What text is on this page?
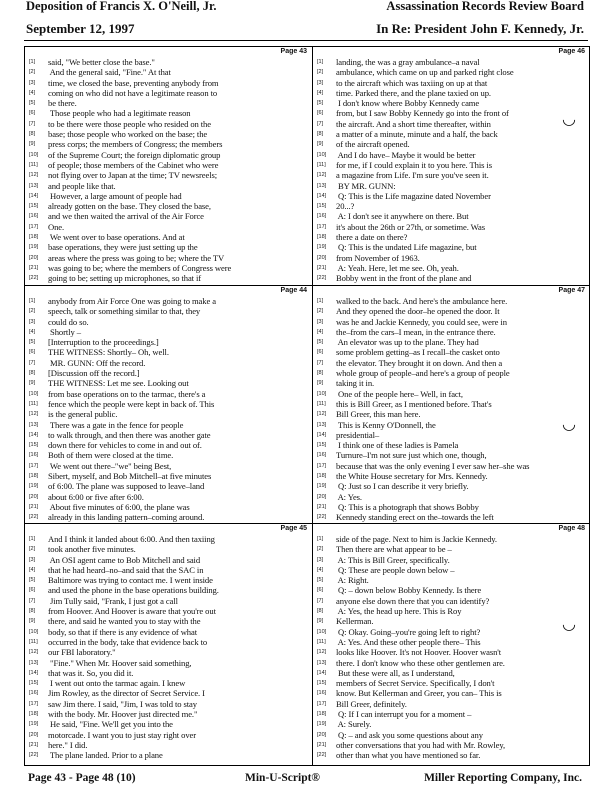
Deposition of Francis X. O'Neill, Jr.
September 12, 1997
Assassination Records Review Board
In Re: President John F. Kennedy, Jr.
Page 43
[1] said, "We better close the base."
[2] And the general said, "Fine." At that
[3] time, we closed the base, preventing anybody from
[4] coming on who did not have a legitimate reason to
[5] be there.
[6] Those people who had a legitimate reason
[7] to be there were those people who resided on the
[8] base; those people who worked on the base; the
[9] press corps; the members of Congress; the members
[10] of the Supreme Court; the foreign diplomatic group
[11] of people; those members of the Cabinet who were
[12] not flying over to Japan at the time; TV newsreels;
[13] and people like that.
[14] However, a large amount of people had
[15] already gotten on the base. They closed the base,
[16] and we then waited the arrival of the Air Force
[17] One.
[18] We went over to base operations. And at
[19] base operations, they were just setting up the
[20] areas where the press was going to be; where the TV
[21] was going to be; where the members of Congress were
[22] going to be; setting up microphones, so that if
Page 46
[1] landing, the was a gray ambulance–a naval
[2] ambulance, which came on up and parked right close
[3] to the aircraft which was taxiing on up at that
[4] time. Parked there, and the plane taxied on up.
[5] I don't know where Bobby Kennedy came
[6] from, but I saw Bobby Kennedy go into the front of
[7] the aircraft. And a short time thereafter, within
[8] a matter of a minute, minute and a half, the back
[9] of the aircraft opened.
[10] And I do have– Maybe it would be better
[11] for me, if I could explain it to you here. This is
[12] a magazine from Life. I'm sure you've seen it.
[13] BY MR. GUNN:
[14] Q: This is the Life magazine dated November
[15] 20...?
[16] A: I don't see it anywhere on there. But
[17] it's about the 26th or 27th, or sometime. Was
[18] there a date on there?
[19] Q: This is the undated Life magazine, but
[20] from November of 1963.
[21] A: Yeah. Here, let me see. Oh, yeah.
[22] Bobby went in the front of the plane and
◡
Page 44
[1] anybody from Air Force One was going to make a
[2] speech, talk or something similar to that, they
[3] could do so.
[4] Shortly –
[5] [Interruption to the proceedings.]
[6] THE WITNESS: Shortly– Oh, well.
[7] MR. GUNN: Off the record.
[8] [Discussion off the record.]
[9] THE WITNESS: Let me see. Looking out
[10] from base operations on to the tarmac, there's a
[11] fence which the people were kept in back of. This
[12] is the general public.
[13] There was a gate in the fence for people
[14] to walk through, and then there was another gate
[15] down there for vehicles to come in and out of.
[16] Both of them were closed at the time.
[17] We went out there–"we" being Best,
[18] Sibert, myself, and Bob Mitchell–at five minutes
[19] of 6:00. The plane was supposed to leave–land
[20] about 6:00 or five after 6:00.
[21] About five minutes of 6:00, the plane was
[22] already in this landing pattern–coming around.
Page 47
[1] walked to the back. And here's the ambulance here.
[2] And they opened the door–he opened the door. It
[3] was he and Jackie Kennedy, you could see, were in
[4] the–from the cars–I mean, in the entrance there.
[5] An elevator was up to the plane. They had
[6] some problem getting–as I recall–the casket onto
[7] the elevator. They brought it on down. And then a
[8] whole group of people–and here's a group of people
[9] taking it in.
[10] One of the people here– Well, in fact,
[11] this is Bill Greer, as I mentioned before. That's
[12] Bill Greer, this man here.
[13] This is Kenny O'Donnell, the
[14] presidential–
[15] I think one of these ladies is Pamela
[16] Turnure–I'm not sure just which one, though,
[17] because that was the only evening I ever saw her–she was
[18] the White House secretary for Mrs. Kennedy.
[19] Q: Just so I can describe it very briefly.
[20] A: Yes.
[21] Q: This is a photograph that shows Bobby
[22] Kennedy standing erect on the–towards the left
◡
Page 45
[1] And I think it landed about 6:00. And then taxiing
[2] took another five minutes.
[3] An OSI agent came to Bob Mitchell and said
[4] that he had heard–no–and said that the SAC in
[5] Baltimore was trying to contact me. I went inside
[6] and used the phone in the base operations building.
[7] Jim Tully said, "Frank, I just got a call
[8] from Hoover. And Hoover is aware that you're out
[9] there, and said he wanted you to stay with the
[10] body, so that if there is any evidence of what
[11] occurred in the body, take that evidence back to
[12] our FBI laboratory."
[13] "Fine." When Mr. Hoover said something,
[14] that was it. So, you did it.
[15] I went out onto the tarmac again. I knew
[16] Jim Rowley, as the director of Secret Service. I
[17] saw Jim there. I said, "Jim, I was told to stay
[18] with the body. Mr. Hoover just directed me."
[19] He said, "Fine. We'll get you into the
[20] motorcade. I want you to just stay right over
[21] here." I did.
[22] The plane landed. Prior to a plane
Page 48
[1] side of the page. Next to him is Jackie Kennedy.
[2] Then there are what appear to be –
[3] A: This is Bill Greer, specifically.
[4] Q: These are people down below –
[5] A: Right.
[6] Q: – down below Bobby Kennedy. Is there
[7] anyone else down there that you can identify?
[8] A: Yes, the head up here. This is Roy
[9] Kellerman.
[10] Q: Okay. Going–you're going left to right?
[11] A: Yes. And these other people there– This
[12] looks like Hoover. It's not Hoover. Hoover wasn't
[13] there. I don't know who these other gentlemen are.
[14] But these were all, as I understand,
[15] members of Secret Service. Specifically, I don't
[16] know. But Kellerman and Greer, you can– This is
[17] Bill Greer, definitely.
[18] Q: If I can interrupt you for a moment –
[19] A: Surely.
[20] Q: – and ask you some questions about any
[21] other conversations that you had with Mr. Rowley,
[22] other than what you have mentioned so far.
◡
Page 43 - Page 48 (10)	Min-U-Script®	Miller Reporting Company, Inc.
